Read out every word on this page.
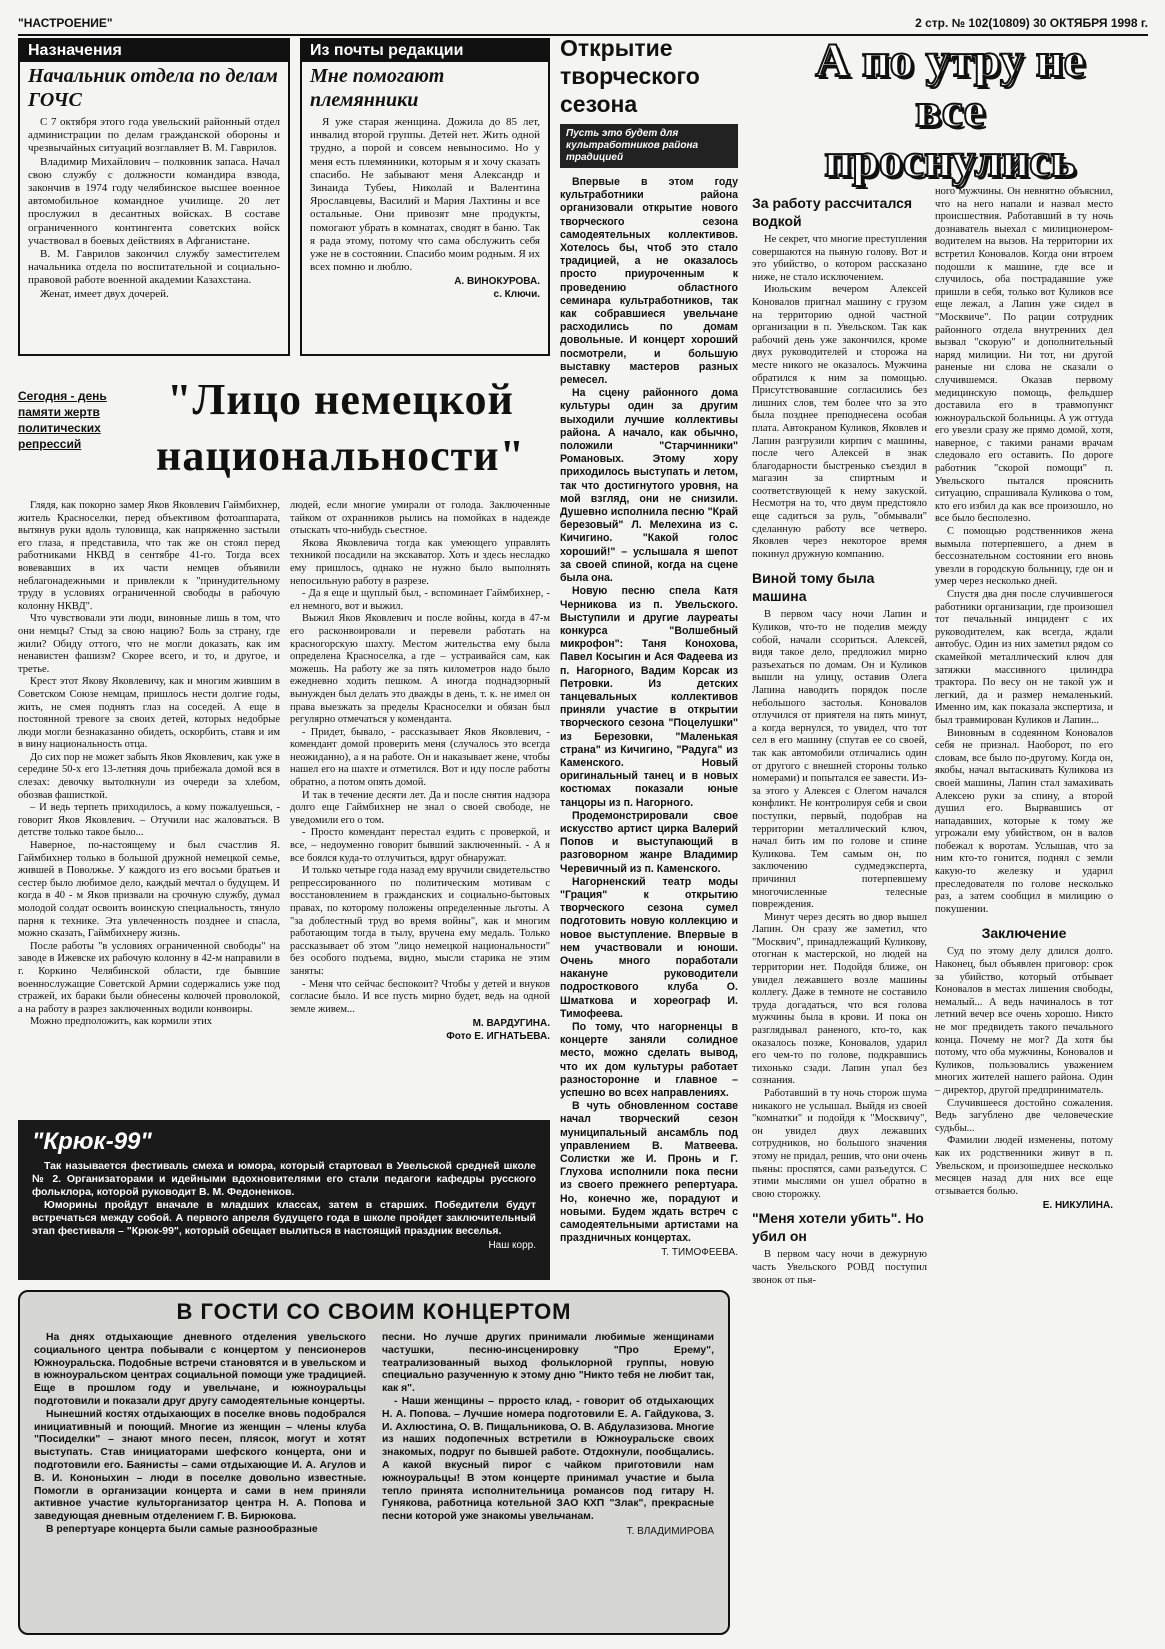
"НАСТРОЕНИЕ"	2 стр. № 102(10809) 30 ОКТЯБРЯ 1998 г.
Назначения
Начальник отдела по делам ГОЧС

С 7 октября этого года увельский районный отдел администрации по делам гражданской обороны и чрезвычайных ситуаций возглавляет В. М. Гаврилов.

Владимир Михайлович – полковник запаса. Начал свою службу с должности командира взвода, закончив в 1974 году челябинское высшее военное автомобильное командное училище. 20 лет прослужил в десантных войсках. В составе ограниченного контингента советских войск участвовал в боевых действиях в Афганистане.

В. М. Гаврилов закончил службу заместителем начальника отдела по воспитательной и социально-правовой работе военной академии Казахстана.

Женат, имеет двух дочерей.

Из почты редакции
Мне помогают племянники

Я уже старая женщина. Дожила до 85 лет, инвалид второй группы. Детей нет. Жить одной трудно, а порой и совсем невыносимо. Но у меня есть племянники, которым я и хочу сказать спасибо. Не забывают меня Александр и Зинаида Тубеы, Николай и Валентина Ярославцевы, Василий и Мария Лахтины и все остальные. Они привозят мне продукты, помогают убрать в комнатах, сводят в баню. Так я рада этому, потому что сама обслужить себя уже не в состоянии. Спасибо моим родным. Я их всех помню и люблю.

А. ВИНОКУРОВА.
с. Ключи.
Открытие творческого сезона
Пусть это будет для культработников района традицией

Впервые в этом году культработники района организовали открытие нового творческого сезона самодеятельных коллективов. Хотелось бы, чтоб это стало традицией, а не оказалось просто приуроченным к проведению областного семинара культработников, так как собравшиеся увельчане расходились по домам довольные. И концерт хороший посмотрели, и большую выставку мастеров разных ремесел.

На сцену районного дома культуры один за другим выходили лучшие коллективы района. А начало, как обычно, положили "Старчинники" Романовых. Этому хору приходилось выступать и летом, так что достигнутого уровня, на мой взгляд, они не снизили. Душевно исполнила песню "Край березовый" Л. Мелехина из с. Кичигино. "Какой голос хороший!" – услышала я шепот за своей спиной, когда на сцене была она.

Новую песню спела Катя Черникова из п. Увельского. Выступили и другие лауреаты конкурса "Волшебный микрофон": Таня Конохова, Павел Косыгин и Ася Фадеева из п. Нагорного, Вадим Корсак из Петровки. Из детских танцевальных коллективов приняли участие в открытии творческого сезона "Поцелушки" из Березовки, "Маленькая страна" из Кичигино, "Радуга" из Каменского. Новый оригинальный танец и в новых костюмах показали юные танцоры из п. Нагорного.

Продемонстрировали свое искусство артист цирка Валерий Попов и выступающий в разговорном жанре Владимир Черевичный из п. Каменского.

Нагорненский театр моды "Грация" к открытию творческого сезона сумел подготовить новую коллекцию и новое выступление. Впервые в нем участвовали и юноши. Очень много поработали накануне руководители подросткового клуба О. Шматкова и хореограф И. Тимофеева.

По тому, что нагорненцы в концерте заняли солидное место, можно сделать вывод, что их дом культуры работает разносторонне и главное – успешно во всех направлениях.

В чуть обновленном составе начал творческий сезон муниципальный ансамбль под управлением В. Матвеева. Солистки же И. Пронь и Г. Глухова исполнили пока песни из своего прежнего репертуара. Но, конечно же, порадуют и новыми. Будем ждать встреч с самодеятельными артистами на праздничных концертах.

Т. ТИМОФЕЕВА.
А по утру не все проснулись
За работу рассчитался водкой

Не секрет, что многие преступления совершаются на пьяную голову. Вот и это убийство, о котором рассказано ниже, не стало исключением.

Июльским вечером Алексей Коновалов пригнал машину с грузом на территорию одной частной организации в п. Увельском. Так как рабочий день уже закончился, кроме двух руководителей и сторожа на месте никого не оказалось. Мужчина обратился к ним за помощью. Присутствовавшие согласились без лишних слов, тем более что за это была позднее преподнесена особая плата. Автокраном Куликов, Яковлев и Лапин разгрузили кирпич с машины, после чего Алексей в знак благодарности быстренько съездил в магазин за спиртным и соответствующей к нему закуской. Несмотря на то, что двум предстояло еще садиться за руль, "обмывали" сделанную работу все четверо. Яковлев через некоторое время покинул дружную компанию.

Виной тому была машина

В первом часу ночи Лапин и Куликов, что-то не поделив между собой, начали ссориться. Алексей, видя такое дело, предложил мирно разъехаться по домам. Он и Куликов вышли на улицу, оставив Олега Лапина наводить порядок после небольшого застолья. Коновалов отлучился от приятеля на пять минут, а когда вернулся, то увидел, что тот сел в его машину (спутав ее со своей, так как автомобили отличались один от другого с внешней стороны только номерами) и попытался ее завести. Из-за этого у Алексея с Олегом начался конфликт. Не контролируя себя и свои поступки, первый, подобрав на территории металлический ключ, начал бить им по голове и спине Куликова. Тем самым он, по заключению судмедэксперта, причинил потерпевшему многочисленные телесные повреждения.

Минут через десять во двор вышел Лапин. Он сразу же заметил, что "Москвич", принадлежащий Куликову, отогнан к мастерской, но людей на территории нет. Подойдя ближе, он увидел лежавшего возле машины коллегу. Даже в темноте не составило труда догадаться, что вся голова мужчины была в крови. И пока он разглядывал раненого, кто-то, как оказалось позже, Коновалов, ударил его чем-то по голове, подкравшись тихонько сзади. Лапин упал без сознания.

Работавший в ту ночь сторож шума никакого не услышал. Выйдя из своей "комнатки" и подойдя к "Москвичу", он увидел двух лежавших сотрудников, но большого значения этому не придал, решив, что они очень пьяны: проспятся, сами разъедутся. С этими мыслями он ушел обратно в свою сторожку.

"Меня хотели убить". Но убил он

В первом часу ночи в дежурную часть Увельского РОВД поступил звонок от пья-

ного мужчины. Он невнятно объяснил, что на него напали и назвал место происшествия. Работавший в ту ночь дознаватель выехал с милиционером-водителем на вызов. На территории их встретил Коновалов. Когда они втроем подошли к машине, где все и случилось, оба пострадавшие уже пришли в себя, только вот Куликов все еще лежал, а Лапин уже сидел в "Москвиче". По рации сотрудник районного отдела внутренних дел вызвал "скорую" и дополнительный наряд милиции. Ни тот, ни другой раненые ни слова не сказали о случившемся. Оказав первому медицинскую помощь, фельдшер доставила его в травмопункт южноуральской больницы. А уж оттуда его увезли сразу же прямо домой, хотя, наверное, с такими ранами врачам следовало его оставить. По дороге работник "скорой помощи" п. Увельского пытался прояснить ситуацию, спрашивала Куликова о том, кто его избил да как все произошло, но все было бесполезно.

С помощью родственников жена вымыла потерпевшего, а днем в бессознательном состоянии его вновь увезли в городскую больницу, где он и умер через несколько дней.

Спустя два дня после случившегося работники организации, где произошел тот печальный инцидент с их руководителем, как всегда, ждали автобус. Один из них заметил рядом со скамейкой металлический ключ для затяжки массивного цилиндра трактора. По весу он не такой уж и легкий, да и размер немаленький. Именно им, как показала экспертиза, и был травмирован Куликов и Лапин...

Виновным в содеянном Коновалов себя не признал. Наоборот, по его словам, все было по-другому. Когда он, якобы, начал вытаскивать Куликова из своей машины, Лапин стал замахивать Алексею руки за спину, а второй душил его. Вырвавшись от нападавших, которые к тому же угрожали ему убийством, он в валов побежал к воротам. Услышав, что за ним кто-то гонится, поднял с земли какую-то железку и ударил преследователя по голове несколько раз, а затем сообщил в милицию о покушении.

Заключение

Суд по этому делу длился долго. Наконец, был объявлен приговор: срок за убийство, который отбывает Коновалов в местах лишения свободы, немалый... А ведь начиналось в тот летний вечер все очень хорошо. Никто не мог предвидеть такого печального конца. Почему не мог? Да хотя бы потому, что оба мужчины, Коновалов и Куликов, пользовались уважением многих жителей нашего района. Один – директор, другой предприниматель.

Случившееся достойно сожаления. Ведь загублено две человеческие судьбы...

Фамилии людей изменены, потому как их родственники живут в п. Увельском, и произошедшее несколько месяцев назад для них все еще отзывается болью.

Е. НИКУЛИНА.
Сегодня - день памяти жертв политических репрессий
"Лицо немецкой национальности"

Глядя, как покорно замер Яков Яковлевич Гаймбихнер, житель Красноселки, перед объективом фотоаппарата, вытянув руки вдоль туловища, как напряженно застыли его глаза, я представила, что так же он стоял перед работниками НКВД в сентябре 41-го. Тогда всех вовевавших в их части немцев объявили неблагонадежными и привлекли к "принудительному труду в условиях ограниченной свободы в рабочую колонну НКВД".

Что чувствовали эти люди, виновные лишь в том, что они немцы? Стыд за свою нацию? Боль за страну, где жили? Обиду оттого, что не могли доказать, как им ненавистен фашизм? Скорее всего, и то, и другое, и третье.

Крест этот Якову Яковлевичу, как и многим жившим в Советском Союзе немцам, пришлось нести долгие годы, жить, не смея поднять глаз на соседей. А еще в постоянной тревоге за своих детей, которых недобрые люди могли безнаказанно обидеть, оскорбить, ставя и им в вину национальность отца.

До сих пор не может забыть Яков Яковлевич, как уже в середине 50-х его 13-летняя дочь прибежала домой вся в слезах: девочку вытолкнули из очереди за хлебом, обозвав фашисткой.

– И ведь терпеть приходилось, а кому пожалуешься, - говорит Яков Яковлевич. – Отучили нас жаловаться. В детстве только такое было...

Наверное, по-настоящему и был счастлив Я. Гаймбихнер только в большой дружной немецкой семье, жившей в Поволжье. У каждого из его восьми братьев и сестер было любимое дело, каждый мечтал о будущем. И когда в 40 - м Яков призвали на срочную службу, думал молодой солдат освоить воинскую специальность, тянуло парня к технике. Эта увлеченность позднее и спасла, можно сказать, Гаймбихнеру жизнь.

После работы "в условиях ограниченной свободы" на заводе в Ижевске их рабочую колонну в 42-м направили в г. Коркино Челябинской области, где бывшие военнослужащие Советской Армии содержались уже под стражей, их бараки были обнесены колючей проволокой, а на работу в разрез заключенных водили конвоиры.

Можно предположить, как кормили этих

людей, если многие умирали от голода. Заключенные тайком от охранников рылись на помойках в надежде отыскать что-нибудь съестное.

Якова Яковлевича тогда как умеющего управлять техникой посадили на экскаватор. Хоть и здесь несладко ему пришлось, однако не нужно было выполнять непосильную работу в разрезе.

- Да я еще и щуплый был, - вспоминает Гаймбихнер, - ел немного, вот и выжил.

Выжил Яков Яковлевич и после войны, когда в 47-м его расконвоировали и перевели работать на красногорскую шахту. Местом жительства ему была определена Красноселка, а где – устраивайся сам, как можешь. На работу же за пять километров надо было ежедневно ходить пешком. А иногда поднадзорный вынужден был делать это дважды в день, т. к. не имел он права выезжать за пределы Красноселки и обязан был регулярно отмечаться у коменданта.

- Придет, бывало, - рассказывает Яков Яковлевич, - комендант домой проверить меня (случалось это всегда неожиданно), а я на работе. Он и наказывает жене, чтобы нашел его на шахте и отметился. Вот и иду после работы обратно, а потом опять домой.

И так в течение десяти лет. Да и после снятия надзора долго еще Гаймбихнер не знал о своей свободе, не уведомили его о том.

- Просто комендант перестал ездить с проверкой, и все, – недоуменно говорит бывший заключенный. - А я все боялся куда-то отлучиться, вдруг обнаружат.

И только четыре года назад ему вручили свидетельство репрессированного по политическим мотивам с восстановлением в гражданских и социально-бытовых правах, по которому положены определенные льготы. А "за доблестный труд во время войны", как и многим работающим тогда в тылу, вручена ему медаль. Только рассказывает об этом "лицо немецкой национальности" без особого подъема, видно, мысли старика не этим заняты:

- Меня что сейчас беспокоит? Чтобы у детей и внуков согласие было. И все пусть мирно будет, ведь на одной земле живем...

М. ВАРДУГИНА.
Фото Е. ИГНАТЬЕВА.
"Крюк-99"

Так называется фестиваль смеха и юмора, который стартовал в Увельской средней школе № 2. Организаторами и идейными вдохновителями его стали педагоги кафедры русского фольклора, которой руководит В. М. Федоненков.

Юморины пройдут вначале в младших классах, затем в старших. Победители будут встречаться между собой. А первого апреля будущего года в школе пройдет заключительный этап фестиваля – "Крюк-99", который обещает вылиться в настоящий праздник веселья.

Наш корр.
В ГОСТИ СО СВОИМ КОНЦЕРТОМ

На днях отдыхающие дневного отделения увельского социального центра побывали с концертом у пенсионеров Южноуральска. Подобные встречи становятся и в увельском и в южноуральском центрах социальной помощи уже традицией. Еще в прошлом году и увельчане, и южноуральцы подготовили и показали друг другу самодеятельные концерты.

Нынешний костях отдыхающих в поселке вновь подобрался инициативный и поющий. Многие из женщин – члены клуба "Посиделки" – знают много песен, плясок, могут и хотят выступать. Став инициаторами шефского концерта, они и подготовили его. Баянисты – сами отдыхающие И. А. Агулов и В. И. Кононыхин – люди в поселке довольно известные. Помогли в организации концерта и сами в нем приняли активное участие культорганизатор центра Н. А. Попова и заведующая дневным отделением Г. В. Бирюкова.

В репертуаре концерта были самые разнообразные

песни. Но лучше других принимали любимые женщинами частушки, песню-инсценировку "Про Ерему", театрализованный выход фольклорной группы, новую специально разученную к этому дню "Никто тебя не любит так, как я".

- Наши женщины – прросто клад, - говорит об отдыхающих Н. А. Попова. – Лучшие номера подготовили Е. А. Гайдукова, З. И. Ахлюстина, О. В. Пищальникова, О. В. Абдулазизова. Многие из наших подопечных встретили в Южноуральске своих знакомых, подруг по бывшей работе. Отдохнули, пообщались. А какой вкусный пирог с чайком приготовили нам южноуральцы! В этом концерте принимал участие и была тепло принята исполнительница романсов под гитару Н. Гунякова, работница котельной ЗАО КХП "Злак", прекрасные песни которой уже знакомы увельчанам.

Т. ВЛАДИМИРОВА
